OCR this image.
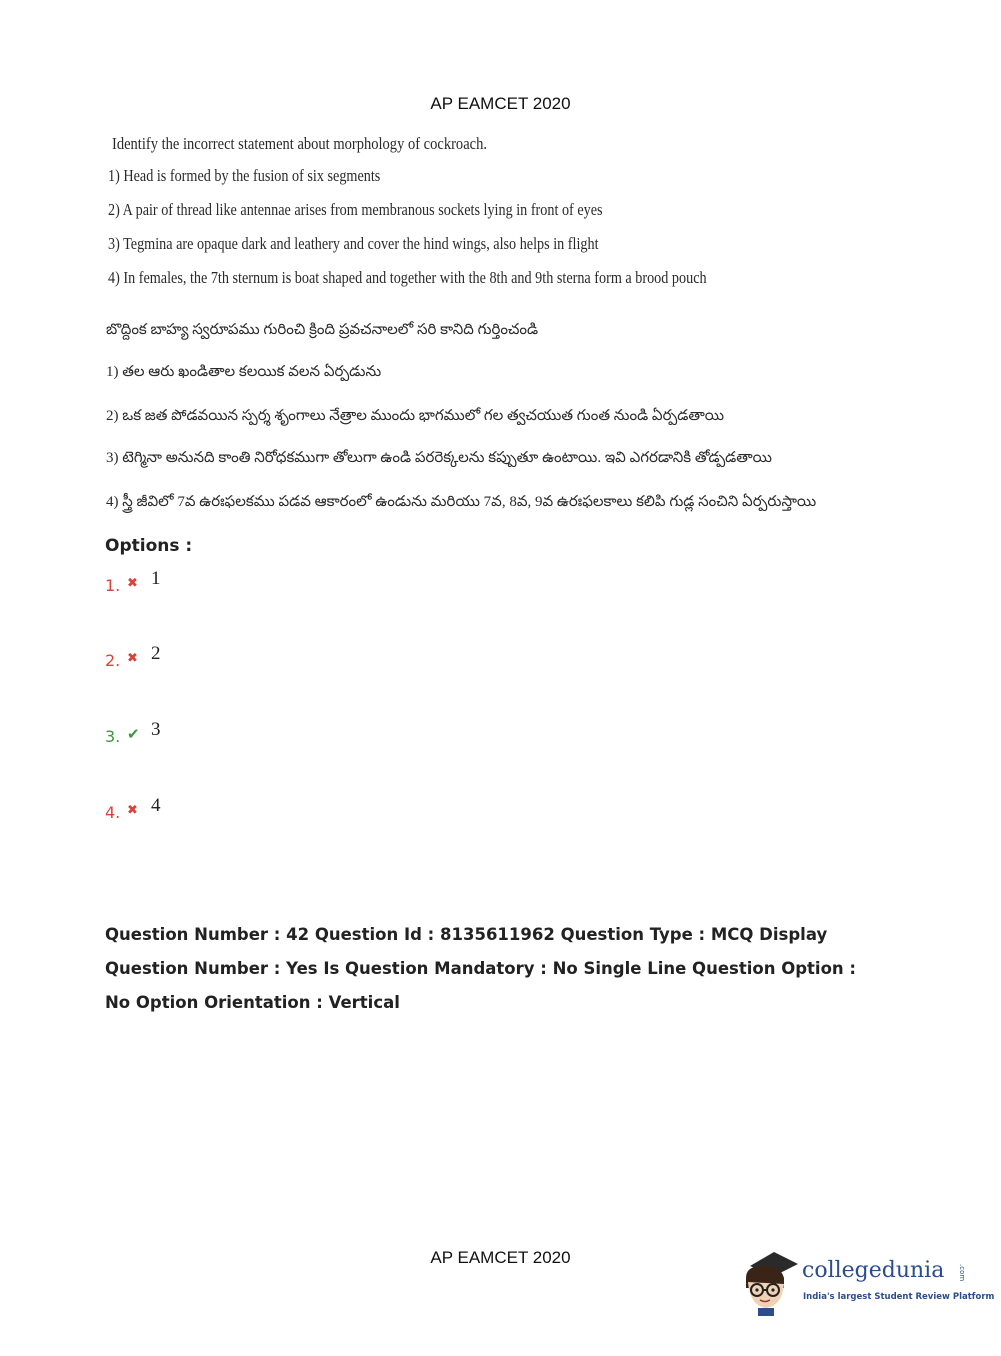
AP EAMCET 2020
Identify the incorrect statement about morphology of cockroach.
1) Head is formed by the fusion of six segments
2) A pair of thread like antennae arises from membranous sockets lying in front of eyes
3) Tegmina are opaque dark and leathery and cover the hind wings, also helps in flight
4) In females, the 7th sternum is boat shaped and together with the 8th and 9th sterna form a brood pouch
బొద్దింక బాహ్య స్వరూపము గురించి క్రింది ప్రవచనాలలో సరి కానిది గుర్తించండి
1) తల ఆరు ఖండితాల కలయిక వలన ఏర్పడును
2) ఒక జత పోడవయిన స్పర్శ శృంగాలు నేత్రాల ముందు భాగములో గల త్వచయుత గుంత నుండి ఏర్పడతాయి
3) టెగ్మినా అనునది కాంతి నిరోధకముగా తోలుగా ఉండి పరరెక్కలను కప్పుతూ ఉంటాయి. ఇవి ఎగరడానికి తోడ్పడతాయి
4) స్త్రీ జీవిలో 7వ ఉరఃఫలకము పడవ ఆకారంలో ఉండును మరియు 7వ, 8వ, 9వ ఉరఃఫలకాలు కలిపి గుడ్ల సంచిని ఏర్పరుస్తాయి
Options :
1. ✖ 1
2. ✖ 2
3. ✔ 3
4. ✖ 4
Question Number : 42 Question Id : 8135611962 Question Type : MCQ Display Question Number : Yes Is Question Mandatory : No Single Line Question Option : No Option Orientation : Vertical
AP EAMCET 2020
collegedunia .com
India's largest Student Review Platform
